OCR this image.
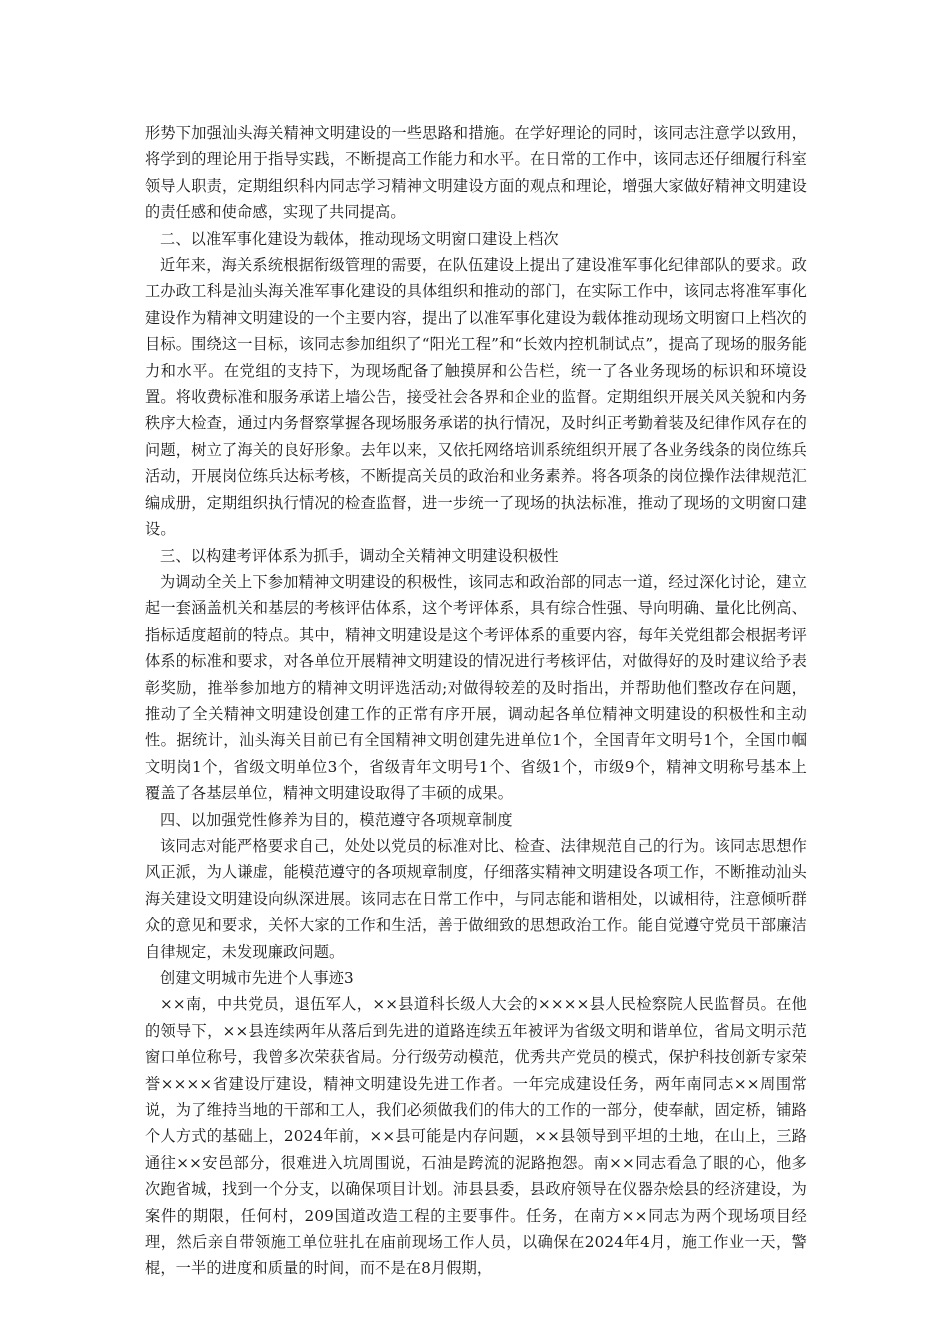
形势下加强汕头海关精神文明建设的一些思路和措施。在学好理论的同时，该同志注意学以致用，将学到的理论用于指导实践，不断提高工作能力和水平。在日常的工作中，该同志还仔细履行科室领导人职责，定期组织科内同志学习精神文明建设方面的观点和理论，增强大家做好精神文明建设的责任感和使命感，实现了共同提高。

二、以准军事化建设为载体，推动现场文明窗口建设上档次

近年来，海关系统根据衔级管理的需要，在队伍建设上提出了建设准军事化纪律部队的要求。政工办政工科是汕头海关准军事化建设的具体组织和推动的部门，在实际工作中，该同志将准军事化建设作为精神文明建设的一个主要内容，提出了以准军事化建设为载体推动现场文明窗口上档次的目标。围绕这一目标，该同志参加组织了“阳光工程”和“长效内控机制试点”，提高了现场的服务能力和水平。在党组的支持下，为现场配备了触摸屏和公告栏，统一了各业务现场的标识和环境设置。将收费标准和服务承诺上墙公告，接受社会各界和企业的监督。定期组织开展关风关貌和内务秩序大检查，通过内务督察掌握各现场服务承诺的执行情况，及时纠正考勤着装及纪律作风存在的问题，树立了海关的良好形象。去年以来，又依托网络培训系统组织开展了各业务线条的岗位练兵活动，开展岗位练兵达标考核，不断提高关员的政治和业务素养。将各项条的岗位操作法律规范汇编成册，定期组织执行情况的检查监督，进一步统一了现场的执法标准，推动了现场的文明窗口建设。

三、以构建考评体系为抓手，调动全关精神文明建设积极性

为调动全关上下参加精神文明建设的积极性，该同志和政治部的同志一道，经过深化讨论，建立起一套涵盖机关和基层的考核评估体系，这个考评体系，具有综合性强、导向明确、量化比例高、指标适度超前的特点。其中，精神文明建设是这个考评体系的重要内容，每年关党组都会根据考评体系的标准和要求，对各单位开展精神文明建设的情况进行考核评估，对做得好的及时建议给予表彰奖励，推举参加地方的精神文明评选活动;对做得较差的及时指出，并帮助他们整改存在问题，推动了全关精神文明建设创建工作的正常有序开展，调动起各单位精神文明建设的积极性和主动性。据统计，汕头海关目前已有全国精神文明创建先进单位1个，全国青年文明号1个，全国巾帼文明岗1个，省级文明单位3个，省级青年文明号1个、省级1个，市级9个，精神文明称号基本上覆盖了各基层单位，精神文明建设取得了丰硕的成果。

四、以加强党性修养为目的，模范遵守各项规章制度

该同志对能严格要求自己，处处以党员的标准对比、检查、法律规范自己的行为。该同志思想作风正派，为人谦虚，能模范遵守的各项规章制度，仔细落实精神文明建设各项工作，不断推动汕头海关建设文明建设向纵深进展。该同志在日常工作中，与同志能和谐相处，以诚相待，注意倾听群众的意见和要求，关怀大家的工作和生活，善于做细致的思想政治工作。能自觉遵守党员干部廉洁自律规定，未发现廉政问题。

创建文明城市先进个人事迹3

××南，中共党员，退伍军人，××县道科长级人大会的××××县人民检察院人民监督员。在他的领导下，××县连续两年从落后到先进的道路连续五年被评为省级文明和谐单位，省局文明示范窗口单位称号，我曾多次荣获省局。分行级劳动模范，优秀共产党员的模式，保护科技创新专家荣誉××××省建设厅建设，精神文明建设先进工作者。一年完成建设任务，两年南同志××周围常说，为了维持当地的干部和工人，我们必须做我们的伟大的工作的一部分，使奉献，固定桥，铺路个人方式的基础上，2024年前，××县可能是内存问题，××县领导到平坦的土地，在山上，三路通往××安邑部分，很难进入坑周围说，石油是跨流的泥路抱怨。南××同志看急了眼的心，他多次跑省城，找到一个分支，以确保项目计划。沛县县委，县政府领导在仪器杂烩县的经济建设，为案件的期限，任何村，209国道改造工程的主要事件。任务，在南方××同志为两个现场项目经理，然后亲自带领施工单位驻扎在庙前现场工作人员，以确保在2024年4月，施工作业一天，警棍，一半的进度和质量的时间，而不是在8月假期，
